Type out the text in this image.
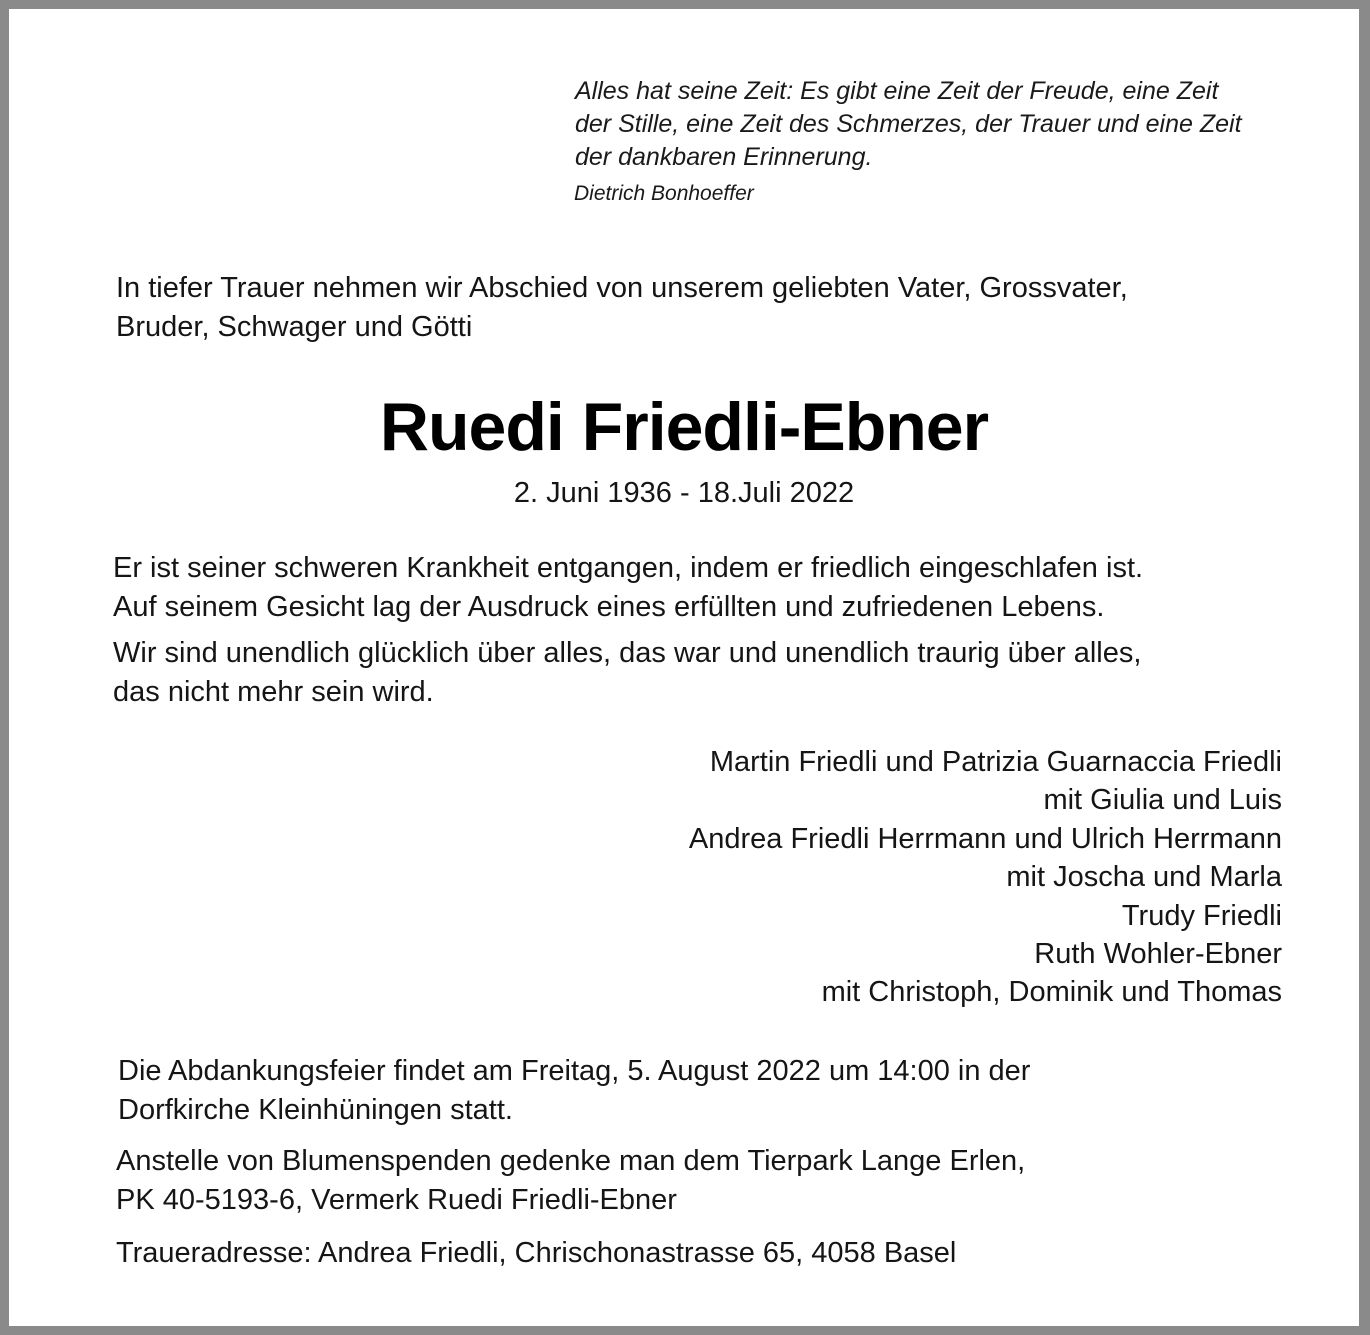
Alles hat seine Zeit: Es gibt eine Zeit der Freude, eine Zeit
der Stille, eine Zeit des Schmerzes, der Trauer und eine Zeit
der dankbaren Erinnerung.
Dietrich Bonhoeffer
In tiefer Trauer nehmen wir Abschied von unserem geliebten Vater, Grossvater,
Bruder, Schwager und Götti
Ruedi Friedli-Ebner
2. Juni 1936 - 18.Juli 2022
Er ist seiner schweren Krankheit entgangen, indem er friedlich eingeschlafen ist.
Auf seinem Gesicht lag der Ausdruck eines erfüllten und zufriedenen Lebens.
Wir sind unendlich glücklich über alles, das war und unendlich traurig über alles,
das nicht mehr sein wird.
Martin Friedli und Patrizia Guarnaccia Friedli
mit Giulia und Luis
Andrea Friedli Herrmann und Ulrich Herrmann
mit Joscha und Marla
Trudy Friedli
Ruth Wohler-Ebner
mit Christoph, Dominik und Thomas
Die Abdankungsfeier findet am Freitag, 5. August 2022 um 14:00 in der
Dorfkirche Kleinhüningen statt.
Anstelle von Blumenspenden gedenke man dem Tierpark Lange Erlen,
PK 40-5193-6, Vermerk Ruedi Friedli-Ebner
Traueradresse: Andrea Friedli, Chrischonastrasse 65, 4058 Basel
